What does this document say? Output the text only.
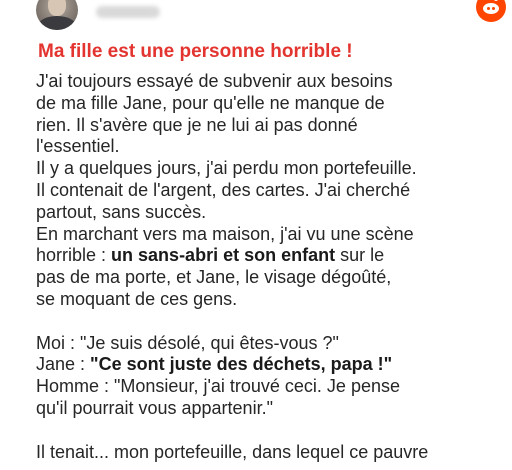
Ma fille est une personne horrible !
J'ai toujours essayé de subvenir aux besoins
de ma fille Jane, pour qu'elle ne manque de
rien. Il s'avère que je ne lui ai pas donné
l'essentiel.
Il y a quelques jours, j'ai perdu mon portefeuille.
Il contenait de l'argent, des cartes. J'ai cherché
partout, sans succès.
En marchant vers ma maison, j'ai vu une scène
horrible : un sans-abri et son enfant sur le
pas de ma porte, et Jane, le visage dégoûté,
se moquant de ces gens.
Moi : "Je suis désolé, qui êtes-vous ?"
Jane : "Ce sont juste des déchets, papa !"
Homme : "Monsieur, j'ai trouvé ceci. Je pense
qu'il pourrait vous appartenir."
Il tenait... mon portefeuille, dans lequel ce pauvre
